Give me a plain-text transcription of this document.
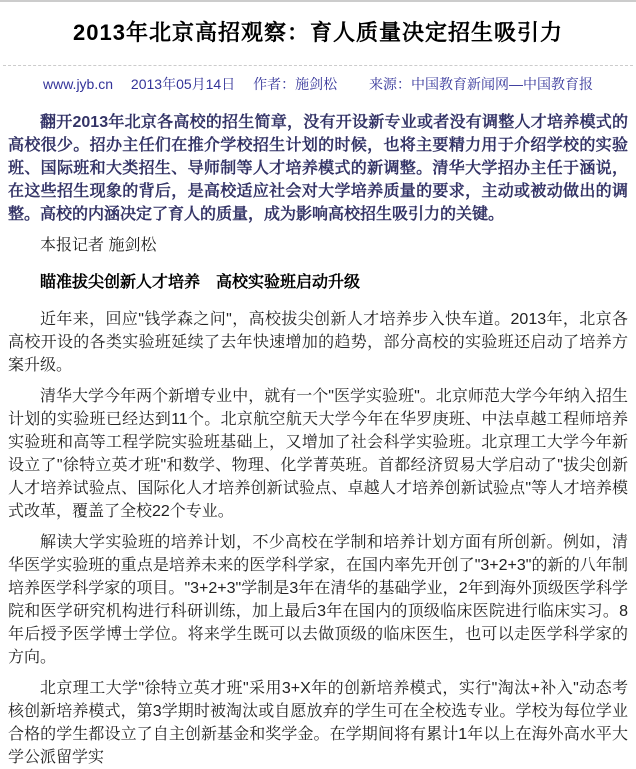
2013年北京高招观察：育人质量决定招生吸引力
www.jyb.cn 2013年05月14日 作者：施剑松 来源：中国教育新闻网—中国教育报

翻开2013年北京各高校的招生简章，没有开设新专业或者没有调整人才培养模式的高校很少。招办主任们在推介学校招生计划的时候，也将主要精力用于介绍学校的实验班、国际班和大类招生、导师制等人才培养模式的新调整。清华大学招办主任于涵说，在这些招生现象的背后，是高校适应社会对大学培养质量的要求，主动或被动做出的调整。高校的内涵决定了育人的质量，成为影响高校招生吸引力的关键。

本报记者 施剑松

瞄准拔尖创新人才培养　高校实验班启动升级

近年来，回应"钱学森之问"，高校拔尖创新人才培养步入快车道。2013年，北京各高校开设的各类实验班延续了去年快速增加的趋势，部分高校的实验班还启动了培养方案升级。

清华大学今年两个新增专业中，就有一个"医学实验班"。北京师范大学今年纳入招生计划的实验班已经达到11个。北京航空航天大学今年在华罗庚班、中法卓越工程师培养实验班和高等工程学院实验班基础上，又增加了社会科学实验班。北京理工大学今年新设立了"徐特立英才班"和数学、物理、化学菁英班。首都经济贸易大学启动了"拔尖创新人才培养试验点、国际化人才培养创新试验点、卓越人才培养创新试验点"等人才培养模式改革，覆盖了全校22个专业。

解读大学实验班的培养计划，不少高校在学制和培养计划方面有所创新。例如，清华医学实验班的重点是培养未来的医学科学家，在国内率先开创了"3+2+3"的新的八年制培养医学科学家的项目。"3+2+3"学制是3年在清华的基础学业，2年到海外顶级医学科学院和医学研究机构进行科研训练，加上最后3年在国内的顶级临床医院进行临床实习。8年后授予医学博士学位。将来学生既可以去做顶级的临床医生，也可以走医学科学家的方向。

北京理工大学"徐特立英才班"采用3+X年的创新培养模式，实行"淘汰+补入"动态考核创新培养模式，第3学期时被淘汰或自愿放弃的学生可在全校选专业。学校为每位学业合格的学生都设立了自主创新基金和奖学金。在学期间将有累计1年以上在海外高水平大学公派留学实
